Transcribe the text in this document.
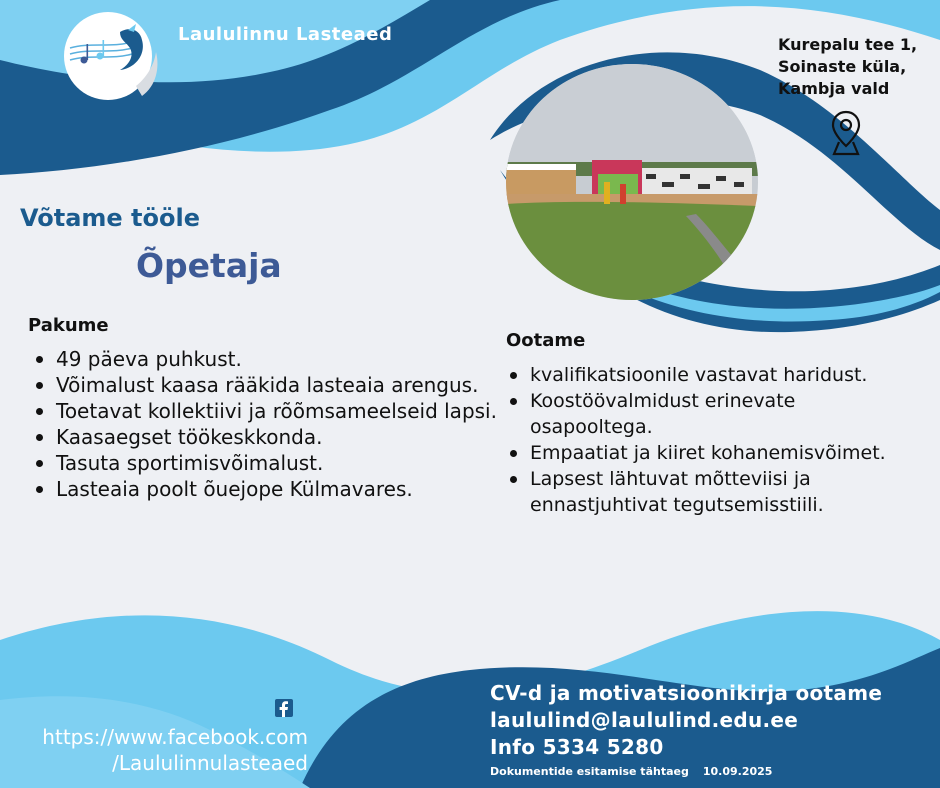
Laululinnu Lasteaed	Kurepalu tee 1,
Soinaste küla,
Kambja vald
Võtame tööle
Õpetaja
Pakume
49 päeva puhkust.
Võimalust kaasa rääkida lasteaia arengus.
Toetavat kollektiivi ja rõõmsameelseid lapsi.
Kaasaegset töökeskkonda.
Tasuta sportimisvõimalust.
Lasteaia poolt õuejope Külmavares.
Ootame
kvalifikatsioonile vastavat haridust.
Koostöövalmidust erinevate osapooltega.
Empaatiat ja kiiret kohanemisvõimet.
Lapsest lähtuvat mõtteviisi ja ennastjuhtivat tegutsemisstiili.
https://www.facebook.com
/Laululinnulasteaed
CV-d ja motivatsioonikirja ootame
laululind@laululind.edu.ee
Info 5334 5280
Dokumentide esitamise tähtaeg 10.09.2025
